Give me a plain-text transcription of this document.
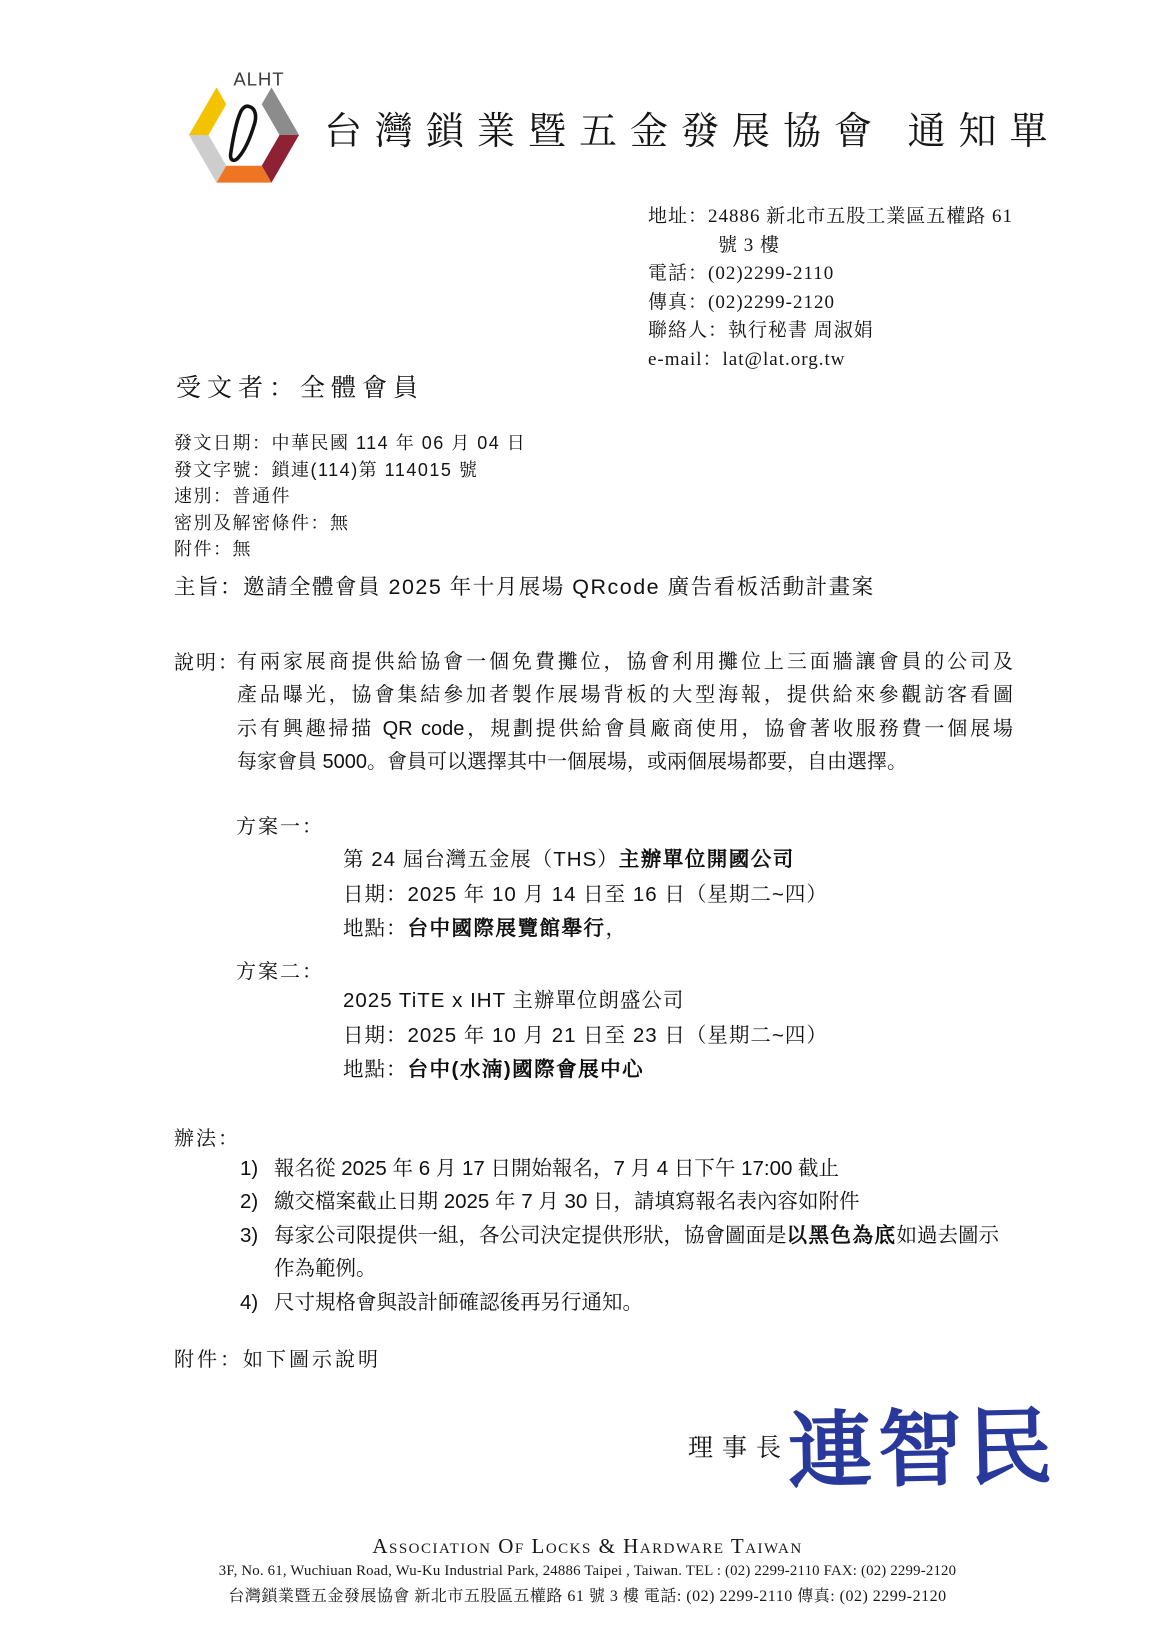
ALHT
台灣鎖業暨五金發展協會 通知單
地址：24886 新北市五股工業區五權路 61
號 3 樓
電話：(02)2299-2110
傳真：(02)2299-2120
聯絡人：執行秘書 周淑娟
e-mail：lat@lat.org.tw
受文者：全體會員
發文日期：中華民國 114 年 06 月 04 日
發文字號：鎖連(114)第 114015 號
速別：普通件
密別及解密條件：無
附件：無
主旨：邀請全體會員 2025 年十月展場 QRcode 廣告看板活動計畫案
說明：
有兩家展商提供給協會一個免費攤位，協會利用攤位上三面牆讓會員的公司及
產品曝光，協會集結參加者製作展場背板的大型海報，提供給來參觀訪客看圖
示有興趣掃描 QR code，規劃提供給會員廠商使用，協會著收服務費一個展場
每家會員 5000。會員可以選擇其中一個展場，或兩個展場都要，自由選擇。
方案一：
第 24 屆台灣五金展（THS）主辦單位開國公司
日期：2025 年 10 月 14 日至 16 日（星期二~四）
地點：台中國際展覽館舉行，
方案二：
2025 TiTE x IHT 主辦單位朗盛公司
日期：2025 年 10 月 21 日至 23 日（星期二~四）
地點：台中(水湳)國際會展中心
辦法：
1) 報名從 2025 年 6 月 17 日開始報名，7 月 4 日下午 17:00 截止
2) 繳交檔案截止日期 2025 年 7 月 30 日，請填寫報名表內容如附件
3) 每家公司限提供一組，各公司決定提供形狀，協會圖面是以黑色為底如過去圖示作為範例。
4) 尺寸規格會與設計師確認後再另行通知。
附件：如下圖示說明
理事長
連智民
Association Of Locks & Hardware Taiwan
3F, No. 61, Wuchiuan Road, Wu-Ku Industrial Park, 24886 Taipei , Taiwan. TEL : (02) 2299-2110 FAX: (02) 2299-2120
台灣鎖業暨五金發展協會 新北市五股區五權路 61 號 3 樓 電話: (02) 2299-2110 傳真: (02) 2299-2120
